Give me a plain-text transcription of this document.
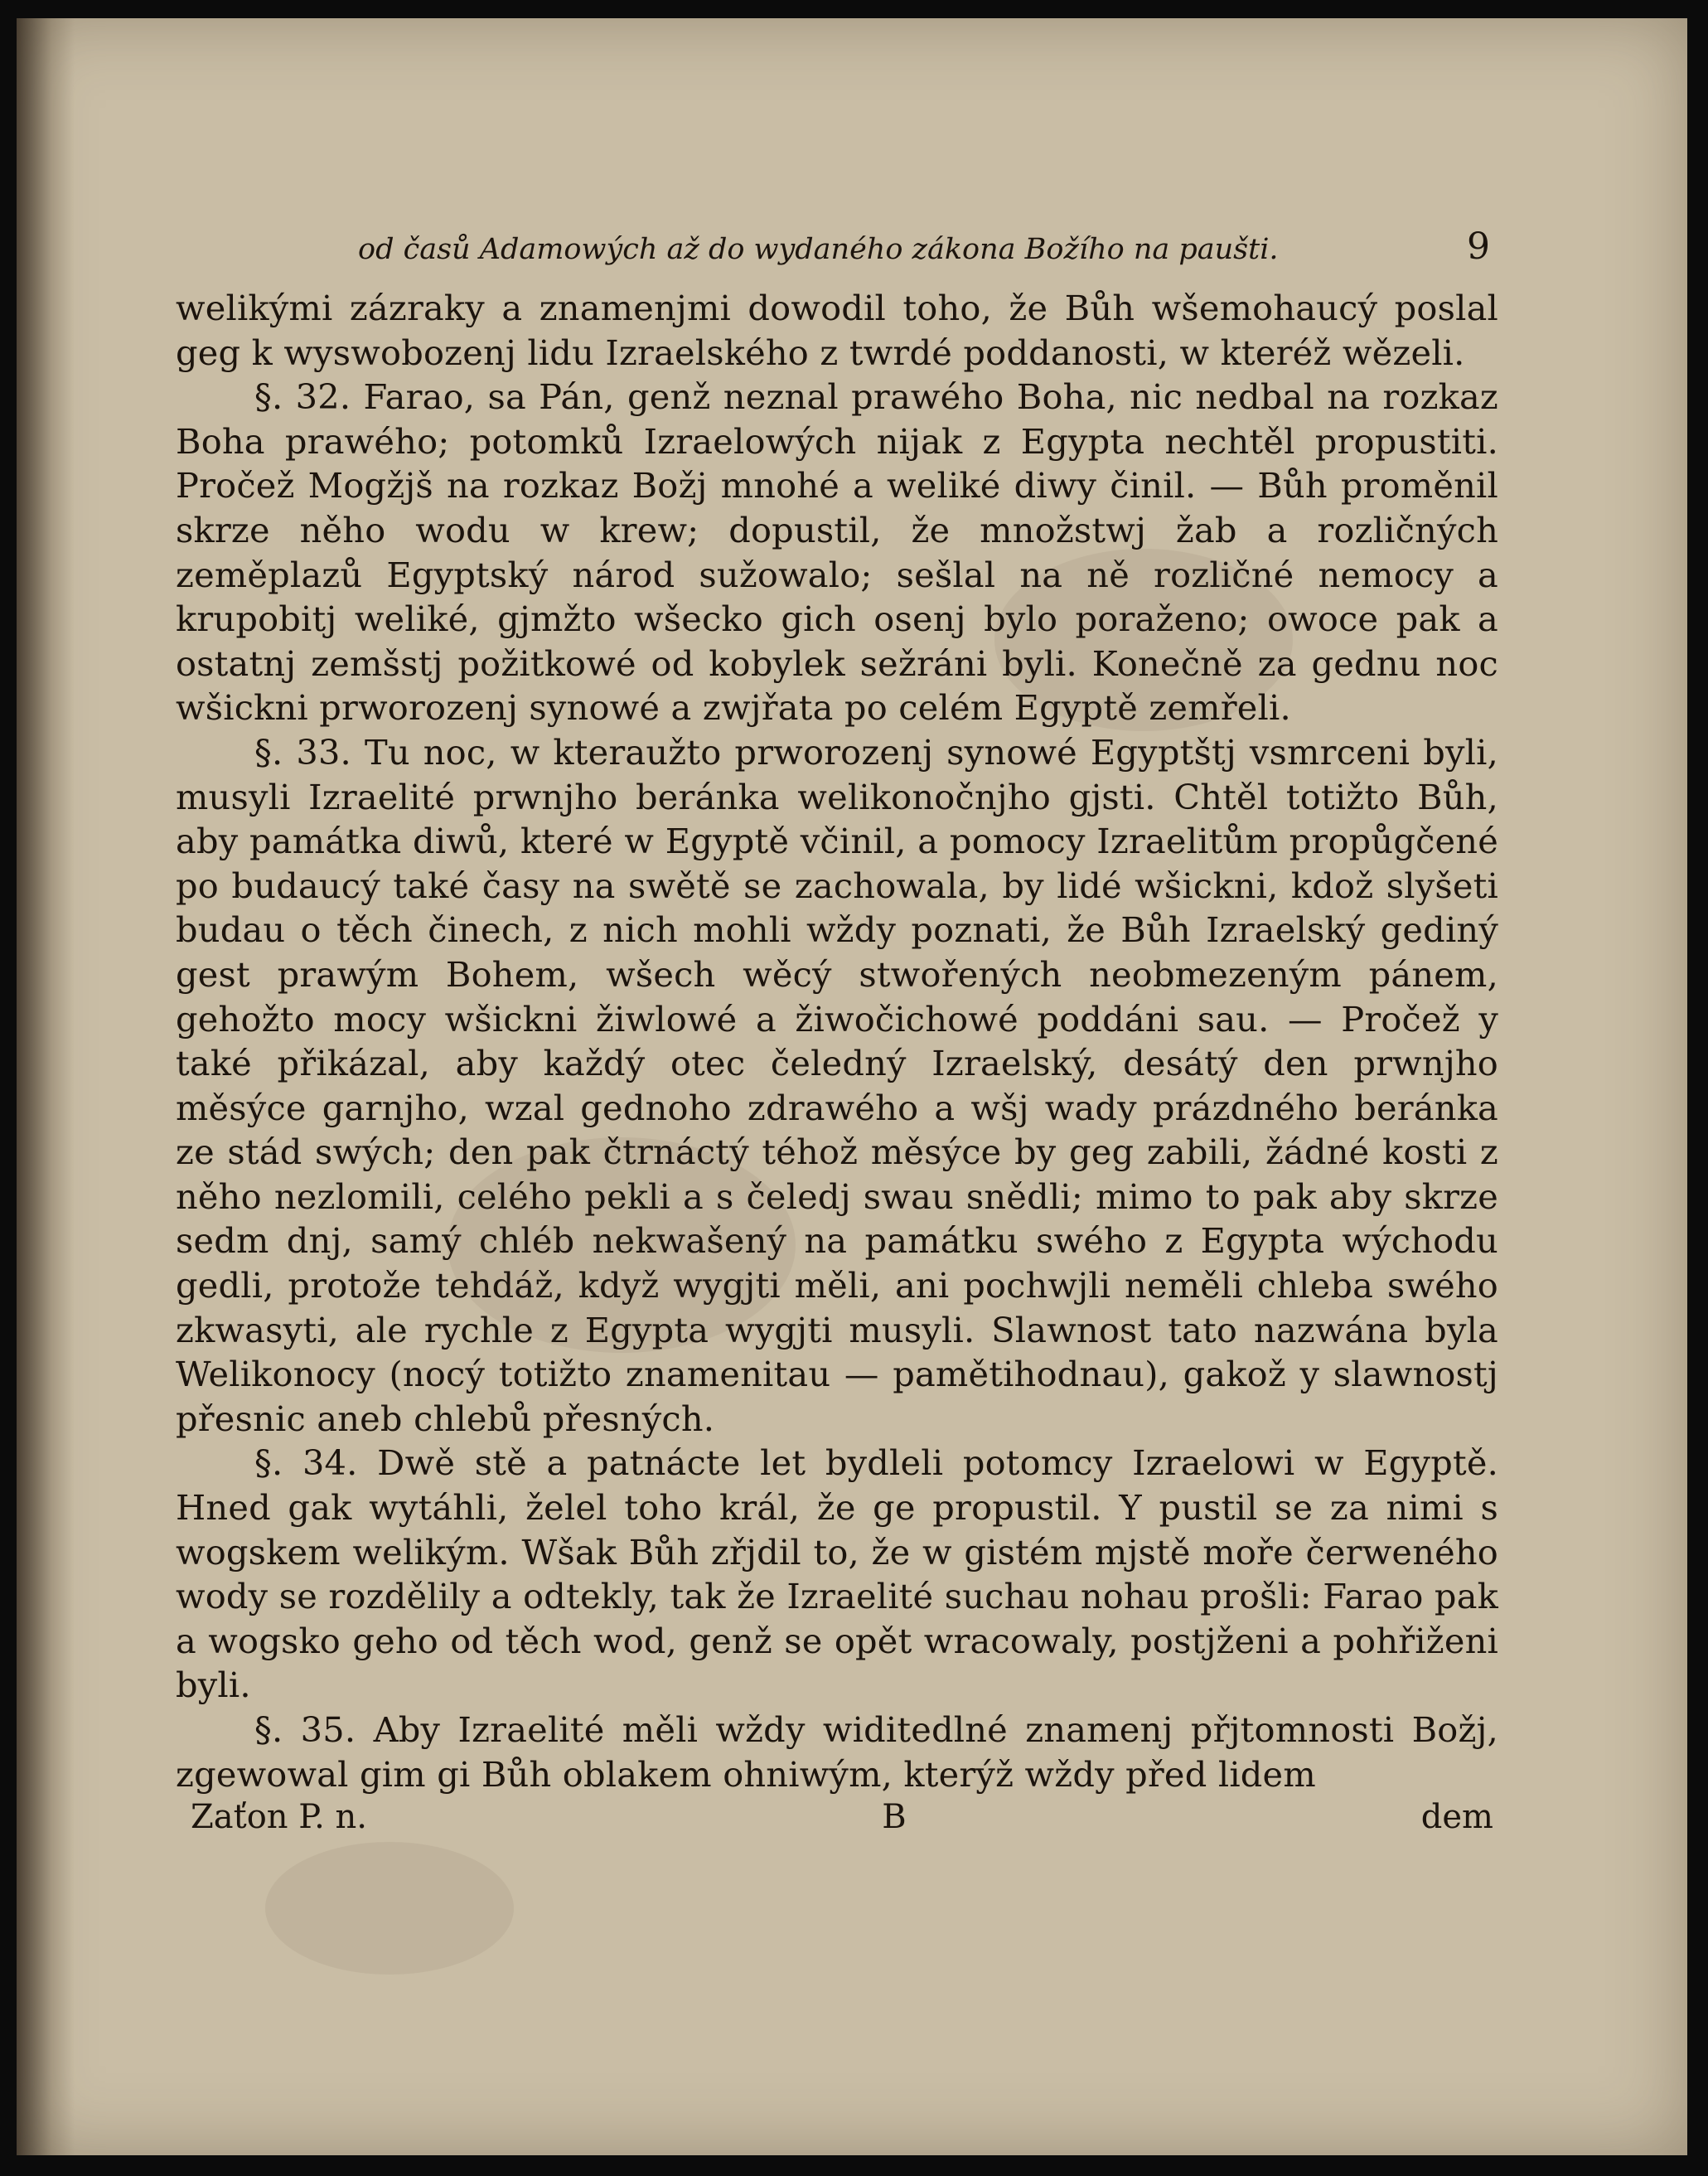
od časů Adamowých až do wydaného zákona Božího na paušti.	9

welikými zázraky a znamenjmi dowodil toho, že Bůh wšemohaucý poslal geg k wyswobozenj lidu Izraelského z twrdé poddanosti, w kteréž wězeli.

§. 32. Farao, sa Pán, genž neznal prawého Boha, nic nedbal na rozkaz Boha prawého; potomků Izraelowých nijak z Egypta nechtěl propustiti. Pročež Mogžjš na rozkaz Božj mnohé a weliké diwy činil. — Bůh proměnil skrze něho wodu w krew; dopustil, že množstwj žab a rozličných zeměplazů Egyptský národ sužowalo; sešlal na ně rozličné nemocy a krupobitj weliké, gjmžto wšecko gich osenj bylo poraženo; owoce pak a ostatnj zemšstj požitkowé od kobylek sežráni byli. Konečně za gednu noc wšickni prworozenj synowé a zwjřata po celém Egyptě zemřeli.

§. 33. Tu noc, w kteraužto prworozenj synowé Egyptštj vsmrceni byli, musyli Izraelité prwnjho beránka welikonočnjho gjsti. Chtěl totižto Bůh, aby památka diwů, které w Egyptě včinil, a pomocy Izraelitům propůgčené po budaucý také časy na swětě se zachowala, by lidé wšickni, kdož slyšeti budau o těch činech, z nich mohli wždy poznati, že Bůh Izraelský gediný gest prawým Bohem, wšech wěcý stwořených neobmezeným pánem, gehožto mocy wšickni žiwlowé a žiwočichowé poddáni sau. — Pročež y také přikázal, aby každý otec čeledný Izraelský, desátý den prwnjho měsýce garnjho, wzal gednoho zdrawého a wšj wady prázdného beránka ze stád swých; den pak čtrnáctý téhož měsýce by geg zabili, žádné kosti z něho nezlomili, celého pekli a s čeledj swau snědli; mimo to pak aby skrze sedm dnj, samý chléb nekwašený na památku swého z Egypta wýchodu gedli, protože tehdáž, když wygjti měli, ani pochwjli neměli chleba swého zkwasyti, ale rychle z Egypta wygjti musyli. Slawnost tato nazwána byla Welikonocy (nocý totižto znamenitau — pamětihodnau), gakož y slawnostj přesnic aneb chlebů přesných.

§. 34. Dwě stě a patnácte let bydleli potomcy Izraelowi w Egyptě. Hned gak wytáhli, želel toho král, že ge propustil. Y pustil se za nimi s wogskem welikým. Wšak Bůh zřjdil to, že w gistém mjstě moře čerweného wody se rozdělily a odtekly, tak že Izraelité suchau nohau prošli: Farao pak a wogsko geho od těch wod, genž se opět wracowaly, postjženi a pohřiženi byli.

§. 35. Aby Izraelité měli wždy widitedlné znamenj přjtomnosti Božj, zgewowal gim gi Bůh oblakem ohniwým, kterýž wždy před lidem

Zaťon P. n.	B	dem
